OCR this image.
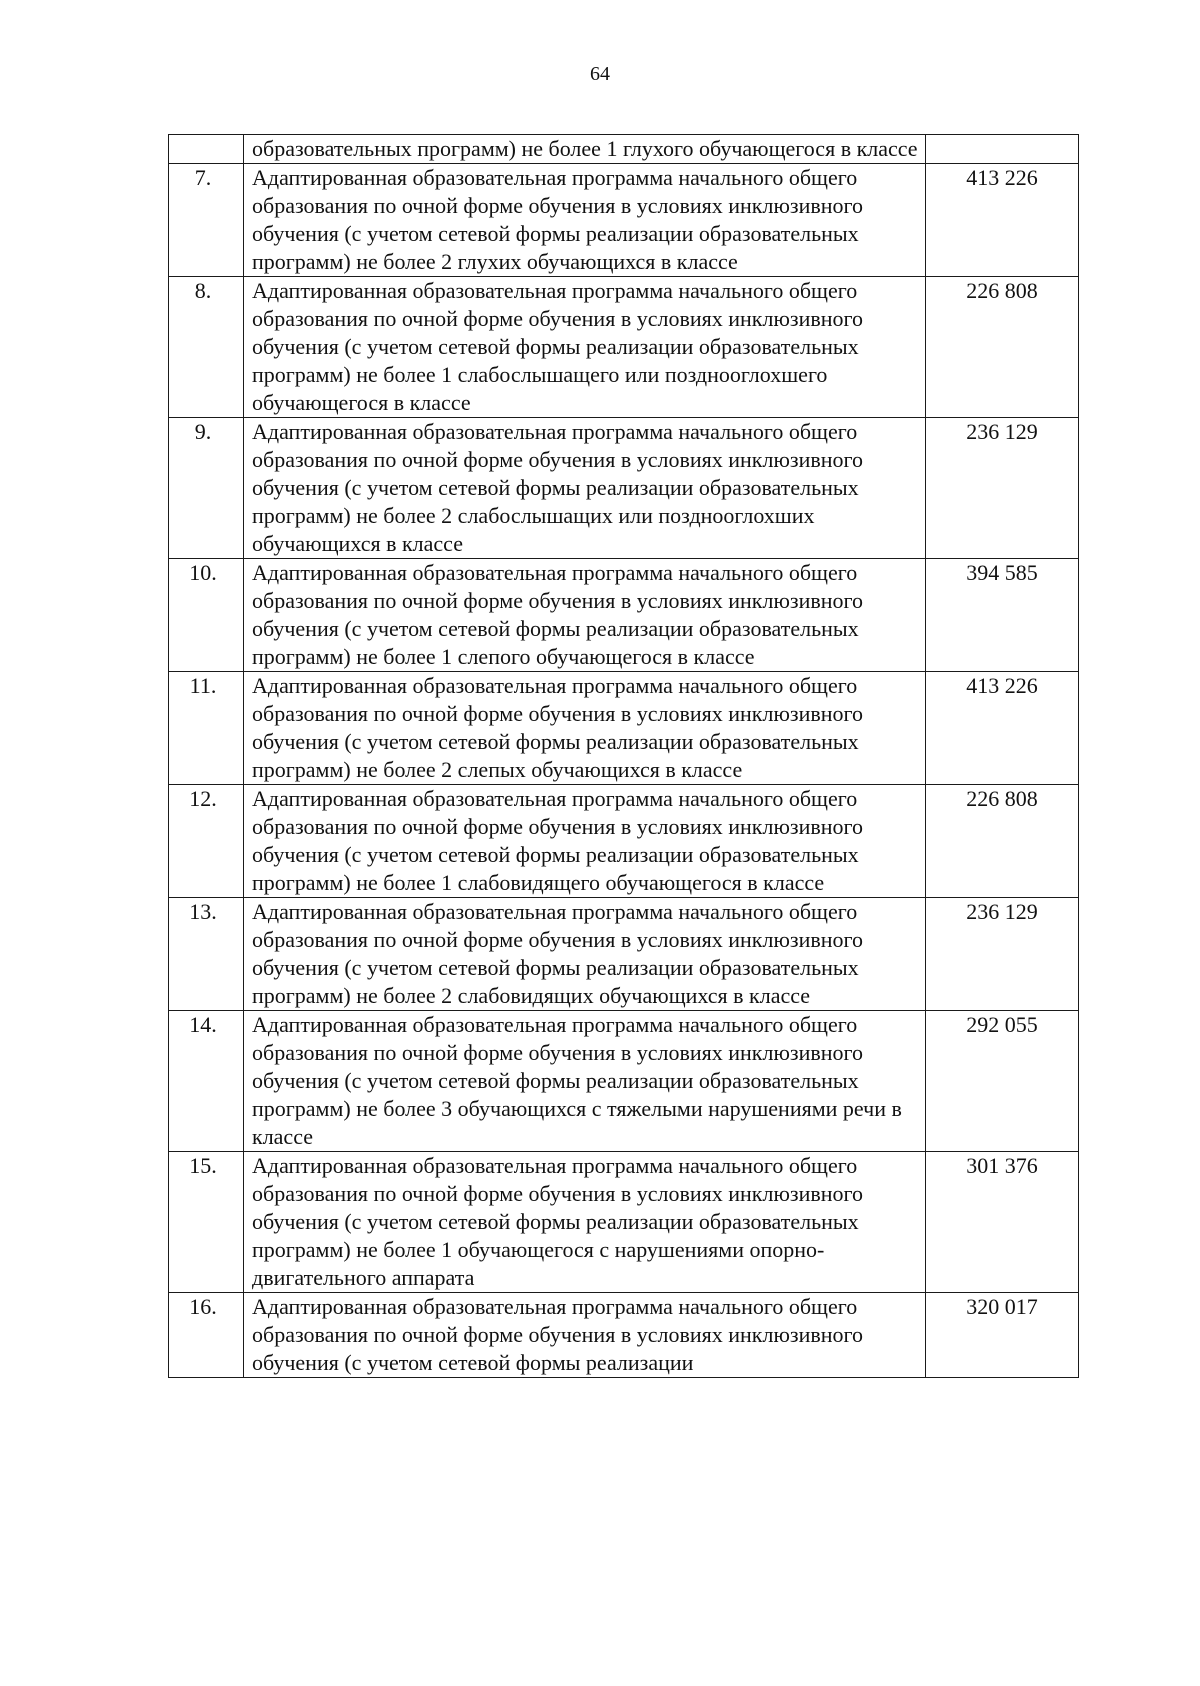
64
	образовательных программ) не более 1 глухого обучающегося в классе	
7.	Адаптированная образовательная программа начального общего образования по очной форме обучения в условиях инклюзивного обучения (с учетом сетевой формы реализации образовательных программ) не более 2 глухих обучающихся в классе	413 226
8.	Адаптированная образовательная программа начального общего образования по очной форме обучения в условиях инклюзивного обучения (с учетом сетевой формы реализации образовательных программ) не более 1 слабослышащего или позднооглохшего обучающегося в классе	226 808
9.	Адаптированная образовательная программа начального общего образования по очной форме обучения в условиях инклюзивного обучения (с учетом сетевой формы реализации образовательных программ) не более 2 слабослышащих или позднооглохших обучающихся в классе	236 129
10.	Адаптированная образовательная программа начального общего образования по очной форме обучения в условиях инклюзивного обучения (с учетом сетевой формы реализации образовательных программ) не более 1 слепого обучающегося в классе	394 585
11.	Адаптированная образовательная программа начального общего образования по очной форме обучения в условиях инклюзивного обучения (с учетом сетевой формы реализации образовательных программ) не более 2 слепых обучающихся в классе	413 226
12.	Адаптированная образовательная программа начального общего образования по очной форме обучения в условиях инклюзивного обучения (с учетом сетевой формы реализации образовательных программ) не более 1 слабовидящего обучающегося в классе	226 808
13.	Адаптированная образовательная программа начального общего образования по очной форме обучения в условиях инклюзивного обучения (с учетом сетевой формы реализации образовательных программ) не более 2 слабовидящих обучающихся в классе	236 129
14.	Адаптированная образовательная программа начального общего образования по очной форме обучения в условиях инклюзивного обучения (с учетом сетевой формы реализации образовательных программ) не более 3 обучающихся с тяжелыми нарушениями речи в классе	292 055
15.	Адаптированная образовательная программа начального общего образования по очной форме обучения в условиях инклюзивного обучения (с учетом сетевой формы реализации образовательных программ) не более 1 обучающегося с нарушениями опорно-двигательного аппарата	301 376
16.	Адаптированная образовательная программа начального общего образования по очной форме обучения в условиях инклюзивного обучения (с учетом сетевой формы реализации	320 017
